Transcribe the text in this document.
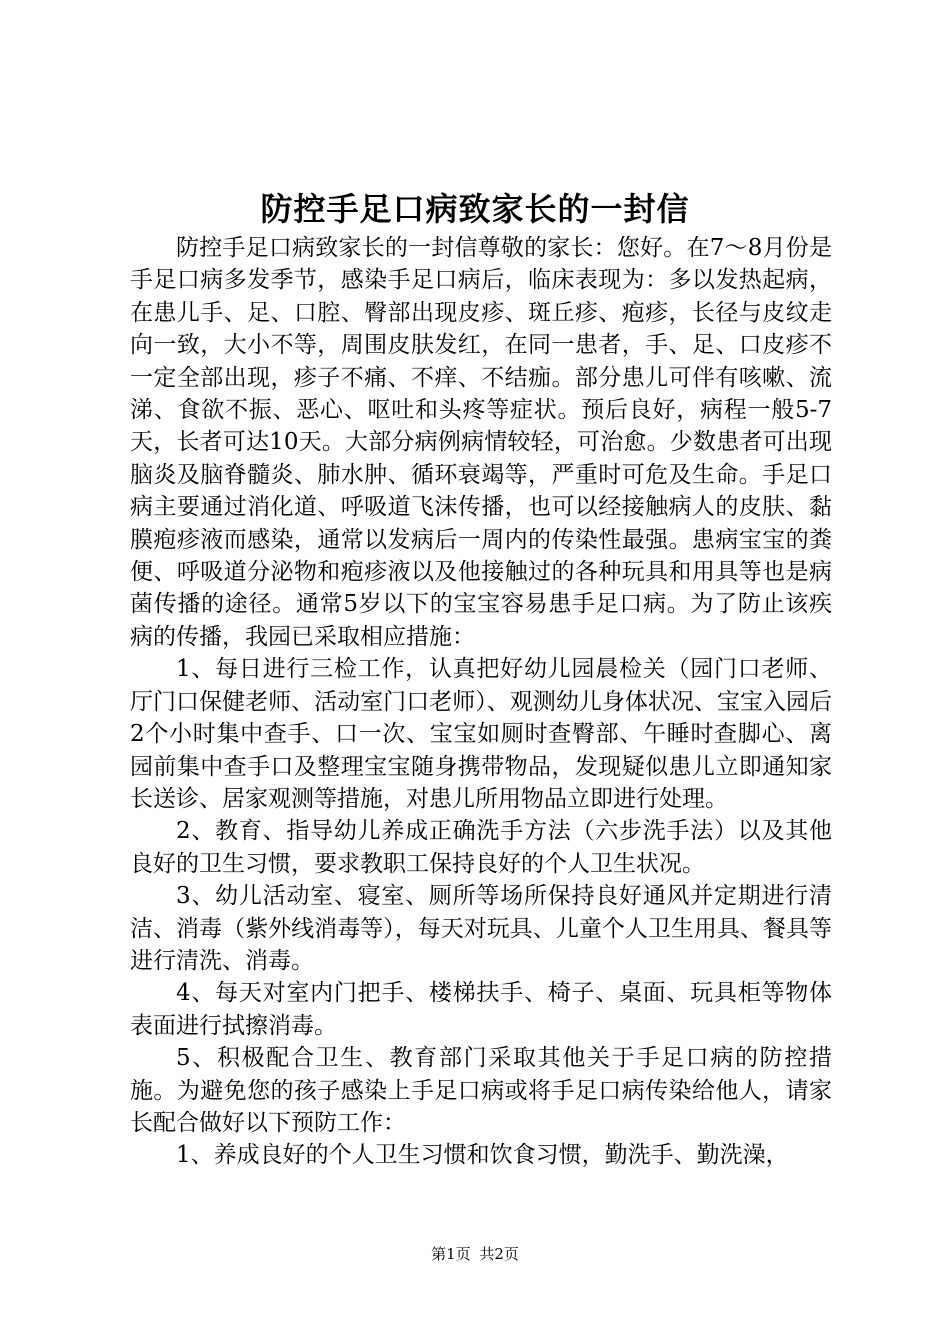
防控手足口病致家长的一封信

防控手足口病致家长的一封信尊敬的家长：您好。在7～8月份是手足口病多发季节，感染手足口病后，临床表现为：多以发热起病，在患儿手、足、口腔、臀部出现皮疹、斑丘疹、疱疹，长径与皮纹走向一致，大小不等，周围皮肤发红，在同一患者，手、足、口皮疹不一定全部出现，疹子不痛、不痒、不结痂。部分患儿可伴有咳嗽、流涕、食欲不振、恶心、呕吐和头疼等症状。预后良好，病程一般5-7天，长者可达10天。大部分病例病情较轻，可治愈。少数患者可出现脑炎及脑脊髓炎、肺水肿、循环衰竭等，严重时可危及生命。手足口病主要通过消化道、呼吸道飞沫传播，也可以经接触病人的皮肤、黏膜疱疹液而感染，通常以发病后一周内的传染性最强。患病宝宝的粪便、呼吸道分泌物和疱疹液以及他接触过的各种玩具和用具等也是病菌传播的途径。通常5岁以下的宝宝容易患手足口病。为了防止该疾病的传播，我园已采取相应措施：

1、每日进行三检工作，认真把好幼儿园晨检关（园门口老师、厅门口保健老师、活动室门口老师）、观测幼儿身体状况、宝宝入园后2个小时集中查手、口一次、宝宝如厕时查臀部、午睡时查脚心、离园前集中查手口及整理宝宝随身携带物品，发现疑似患儿立即通知家长送诊、居家观测等措施，对患儿所用物品立即进行处理。

2、教育、指导幼儿养成正确洗手方法（六步洗手法）以及其他良好的卫生习惯，要求教职工保持良好的个人卫生状况。

3、幼儿活动室、寝室、厕所等场所保持良好通风并定期进行清洁、消毒（紫外线消毒等），每天对玩具、儿童个人卫生用具、餐具等进行清洗、消毒。

4、每天对室内门把手、楼梯扶手、椅子、桌面、玩具柜等物体表面进行拭擦消毒。

5、积极配合卫生、教育部门采取其他关于手足口病的防控措施。为避免您的孩子感染上手足口病或将手足口病传染给他人，请家长配合做好以下预防工作：

1、养成良好的个人卫生习惯和饮食习惯，勤洗手、勤洗澡，

第1页 共2页
